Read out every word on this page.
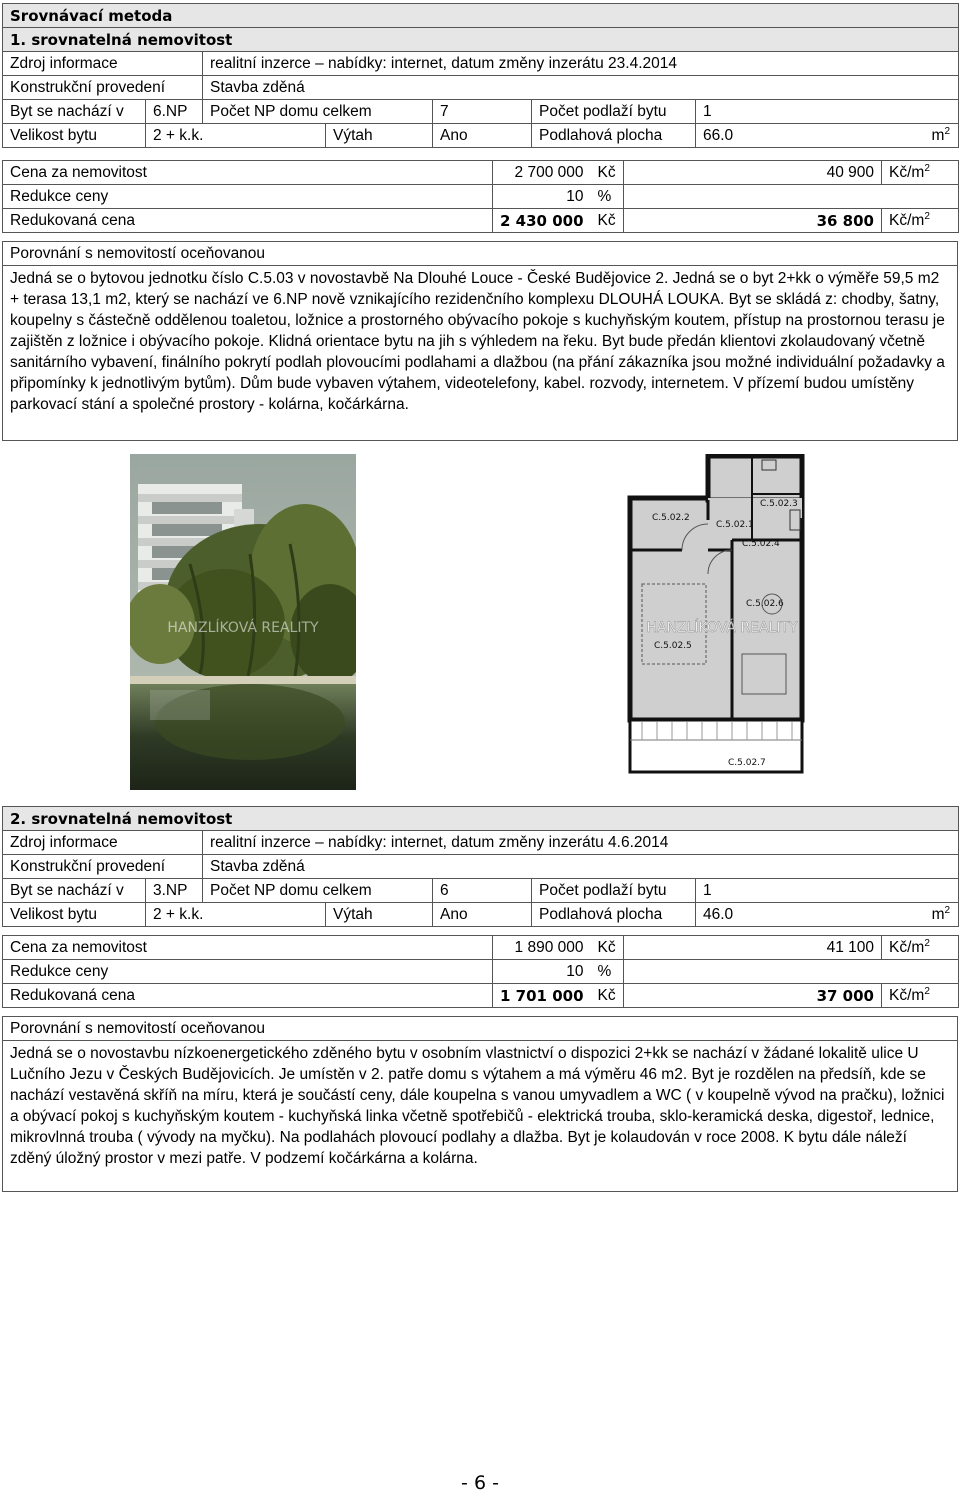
Srovnávací metoda						
1. srovnatelná nemovitost						
Zdroj informace		realitní inzerce – nabídky: internet, datum změny inzerátu 23.4.2014				
Konstrukční provedení		Stavba zděná				
Byt se nachází v	6.NP	Počet NP domu celkem		7	Počet podlaží bytu	1
Velikost bytu	2 + k.k.		Výtah	Ano	Podlahová plocha	66.0 $m^2$
Cena za nemovitost	2 700 000	Kč	40 900	$Kč/m^2$
Redukce ceny	10	%		
Redukovaná cena	2 430 000	Kč	36 800	$Kč/m^2$
Porovnání s nemovitostí oceňovanou
Jedná se o bytovou jednotku číslo C.5.03 v novostavbě Na Dlouhé Louce - České Budějovice 2. Jedná se o byt 2+kk o výměře 59,5 m2 + terasa 13,1 m2, který se nachází ve 6.NP nově vznikajícího rezidenčního komplexu DLOUHÁ LOUKA. Byt se skládá z: chodby, šatny, koupelny s částečně oddělenou toaletou, ložnice a prostorného obývacího pokoje s kuchyňským koutem, přístup na prostornou terasu je zajištěn z ložnice i obývacího pokoje. Klidná orientace bytu na jih s výhledem na řeku. Byt bude předán klientovi zkolaudovaný včetně sanitárního vybavení, finálního pokrytí podlah plovoucími podlahami a dlažbou (na přání zákazníka jsou možné individuální požadavky a připomínky k jednotlivým bytům). Dům bude vybaven výtahem, videotelefony, kabel. rozvody, internetem. V přízemí budou umístěny parkovací stání a společné prostory - kolárna, kočárkárna.
HANZLÍKOVÁ REALITY
C.5.02.2
C.5.02.1
C.5.02.3
C.5.02.4
C.5.02.6
C.5.02.5
C.5.02.7
HANZLÍKOVÁ REALITY
2. srovnatelná nemovitost						
Zdroj informace		realitní inzerce – nabídky: internet, datum změny inzerátu 4.6.2014				
Konstrukční provedení		Stavba zděná				
Byt se nachází v	3.NP	Počet NP domu celkem		6	Počet podlaží bytu	1
Velikost bytu	2 + k.k.		Výtah	Ano	Podlahová plocha	46.0 $m^2$
Cena za nemovitost	1 890 000	Kč	41 100	$Kč/m^2$
Redukce ceny	10	%		
Redukovaná cena	1 701 000	Kč	37 000	$Kč/m^2$
Porovnání s nemovitostí oceňovanou
Jedná se o novostavbu nízkoenergetického zděného bytu v osobním vlastnictví o dispozici 2+kk se nachází v žádané lokalitě ulice U Lučního Jezu v Českých Budějovicích. Je umístěn v 2. patře domu s výtahem a má výměru 46 m2. Byt je rozdělen na předsíň, kde se nachází vestavěná skříň na míru, která je součástí ceny, dále koupelna s vanou umyvadlem a WC ( v koupelně vývod na pračku), ložnici a obývací pokoj s kuchyňským koutem - kuchyňská linka včetně spotřebičů - elektrická trouba, sklo-keramická deska, digestoř, lednice, mikrovlnná trouba ( vývody na myčku). Na podlahách plovoucí podlahy a dlažba. Byt je kolaudován v roce 2008. K bytu dále náleží zděný úložný prostor v mezi patře. V podzemí kočárkárna a kolárna.
- 6 -
